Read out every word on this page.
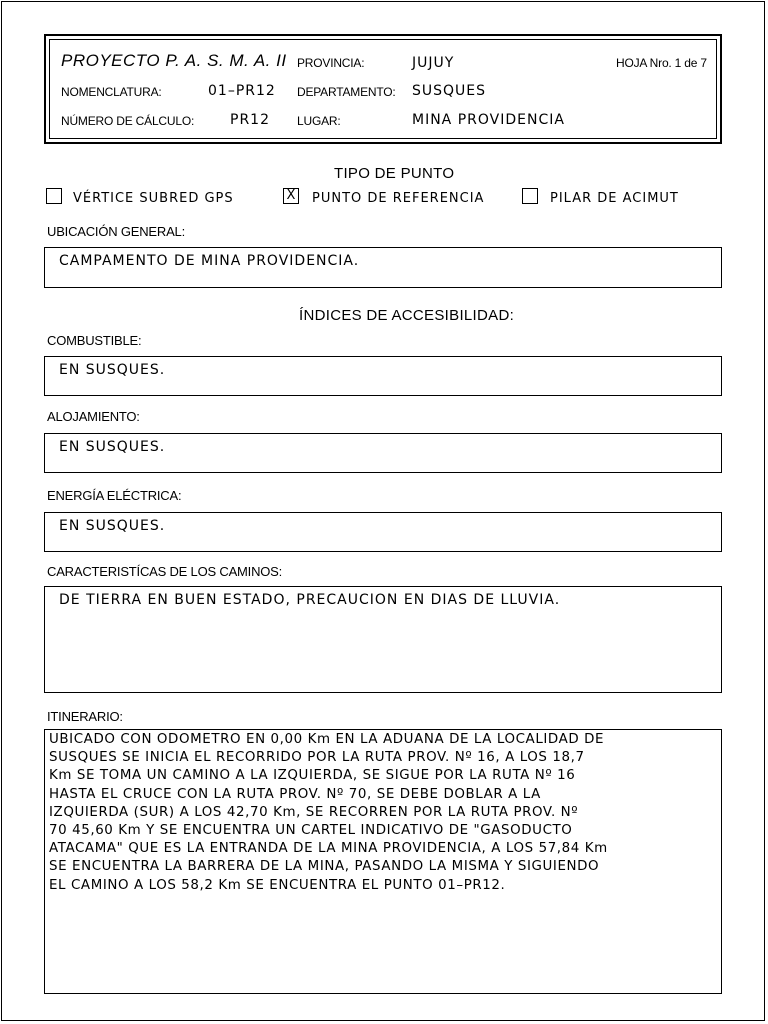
PROYECTO P. A. S. M. A. II PROVINCIA:	JUJUY	HOJA Nro. 1 de 7
NOMENCLATURA:	01–PR12 DEPARTAMENTO: SUSQUES
NÚMERO DE CÁLCULO:	PR12 LUGAR:	MINA PROVIDENCIA
TIPO DE PUNTO
VÉRTICE SUBRED GPS	X PUNTO DE REFERENCIA	PILAR DE ACIMUT
UBICACIÓN GENERAL:
CAMPAMENTO DE MINA PROVIDENCIA.
ÍNDICES DE ACCESIBILIDAD:
COMBUSTIBLE:
EN SUSQUES.
ALOJAMIENTO:
EN SUSQUES.
ENERGÍA ELÉCTRICA:
EN SUSQUES.
CARACTERISTÍCAS DE LOS CAMINOS:
DE TIERRA EN BUEN ESTADO, PRECAUCION EN DIAS DE LLUVIA.
ITINERARIO:
UBICADO CON ODOMETRO EN 0,00 Km EN LA ADUANA DE LA LOCALIDAD DE
SUSQUES SE INICIA EL RECORRIDO POR LA RUTA PROV. Nº 16, A LOS 18,7
Km SE TOMA UN CAMINO A LA IZQUIERDA, SE SIGUE POR LA RUTA Nº 16
HASTA EL CRUCE CON LA RUTA PROV. Nº 70, SE DEBE DOBLAR A LA
IZQUIERDA (SUR) A LOS 42,70 Km, SE RECORREN POR LA RUTA PROV. Nº
70 45,60 Km Y SE ENCUENTRA UN CARTEL INDICATIVO DE "GASODUCTO
ATACAMA" QUE ES LA ENTRANDA DE LA MINA PROVIDENCIA, A LOS 57,84 Km
SE ENCUENTRA LA BARRERA DE LA MINA, PASANDO LA MISMA Y SIGUIENDO
EL CAMINO A LOS 58,2 Km SE ENCUENTRA EL PUNTO 01–PR12.
